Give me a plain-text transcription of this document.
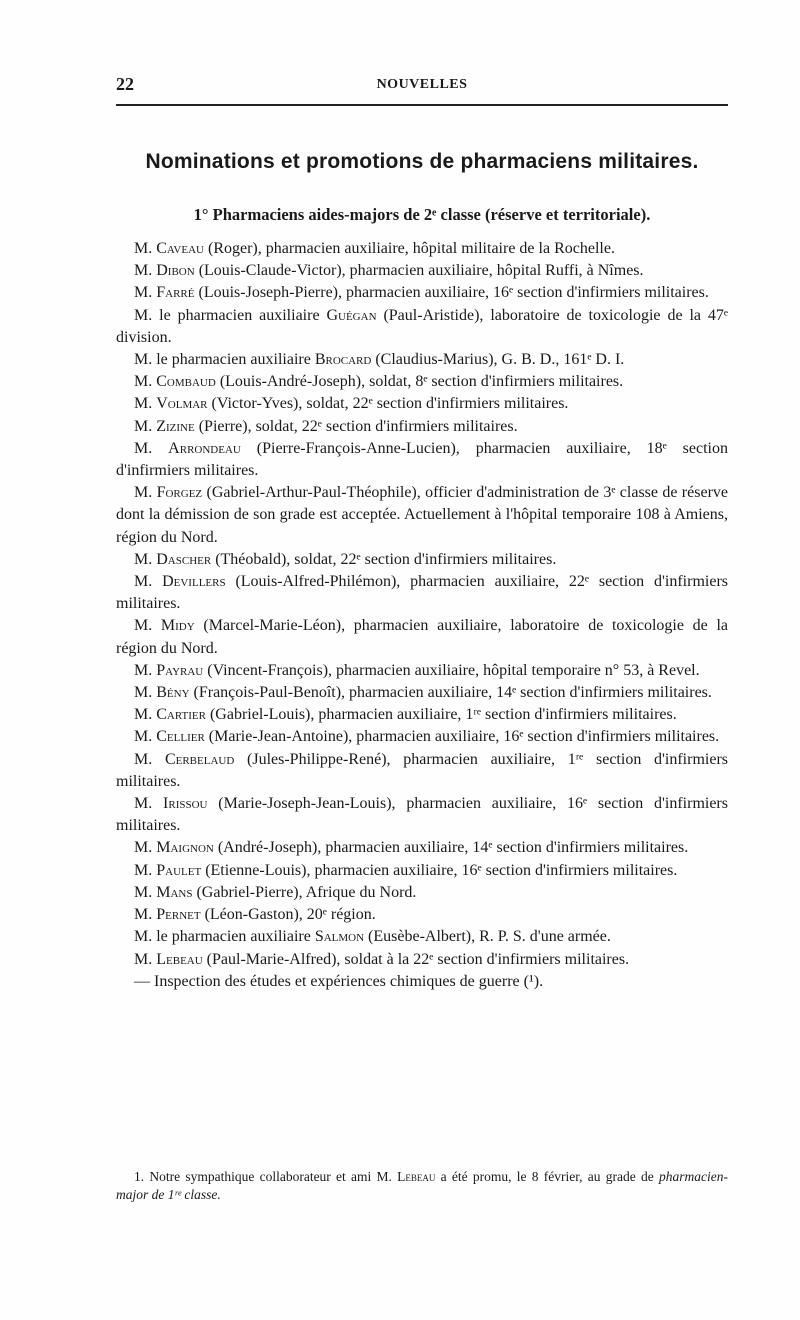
22	NOUVELLES
Nominations et promotions de pharmaciens militaires.
1° Pharmaciens aides-majors de 2ᵉ classe (réserve et territoriale).

M. Caveau (Roger), pharmacien auxiliaire, hôpital militaire de la Rochelle.

M. Dibon (Louis-Claude-Victor), pharmacien auxiliaire, hôpital Ruffi, à Nîmes.

M. Farré (Louis-Joseph-Pierre), pharmacien auxiliaire, 16ᵉ section d'infirmiers militaires.

M. le pharmacien auxiliaire Guégan (Paul-Aristide), laboratoire de toxicologie de la 47ᵉ division.

M. le pharmacien auxiliaire Brocard (Claudius-Marius), G. B. D., 161ᵉ D. I.

M. Combaud (Louis-André-Joseph), soldat, 8ᵉ section d'infirmiers militaires.

M. Volmar (Victor-Yves), soldat, 22ᵉ section d'infirmiers militaires.

M. Zizine (Pierre), soldat, 22ᵉ section d'infirmiers militaires.

M. Arrondeau (Pierre-François-Anne-Lucien), pharmacien auxiliaire, 18ᵉ section d'infirmiers militaires.

M. Forgez (Gabriel-Arthur-Paul-Théophile), officier d'administration de 3ᵉ classe de réserve dont la démission de son grade est acceptée. Actuellement à l'hôpital temporaire 108 à Amiens, région du Nord.

M. Dascher (Théobald), soldat, 22ᵉ section d'infirmiers militaires.

M. Devillers (Louis-Alfred-Philémon), pharmacien auxiliaire, 22ᵉ section d'infirmiers militaires.

M. Midy (Marcel-Marie-Léon), pharmacien auxiliaire, laboratoire de toxicologie de la région du Nord.

M. Payrau (Vincent-François), pharmacien auxiliaire, hôpital temporaire n° 53, à Revel.

M. Bény (François-Paul-Benoît), pharmacien auxiliaire, 14ᵉ section d'infirmiers militaires.

M. Cartier (Gabriel-Louis), pharmacien auxiliaire, 1ʳᵉ section d'infirmiers militaires.

M. Cellier (Marie-Jean-Antoine), pharmacien auxiliaire, 16ᵉ section d'infirmiers militaires.

M. Cerbelaud (Jules-Philippe-René), pharmacien auxiliaire, 1ʳᵉ section d'infirmiers militaires.

M. Irissou (Marie-Joseph-Jean-Louis), pharmacien auxiliaire, 16ᵉ section d'infirmiers militaires.

M. Maignon (André-Joseph), pharmacien auxiliaire, 14ᵉ section d'infirmiers militaires.

M. Paulet (Etienne-Louis), pharmacien auxiliaire, 16ᵉ section d'infirmiers militaires.

M. Mans (Gabriel-Pierre), Afrique du Nord.

M. Pernet (Léon-Gaston), 20ᵉ région.

M. le pharmacien auxiliaire Salmon (Eusèbe-Albert), R. P. S. d'une armée.

M. Lebeau (Paul-Marie-Alfred), soldat à la 22ᵉ section d'infirmiers militaires.

— Inspection des études et expériences chimiques de guerre (¹).

1. Notre sympathique collaborateur et ami M. Lebeau a été promu, le 8 février, au grade de pharmacien-major de 1ʳᵉ classe.
